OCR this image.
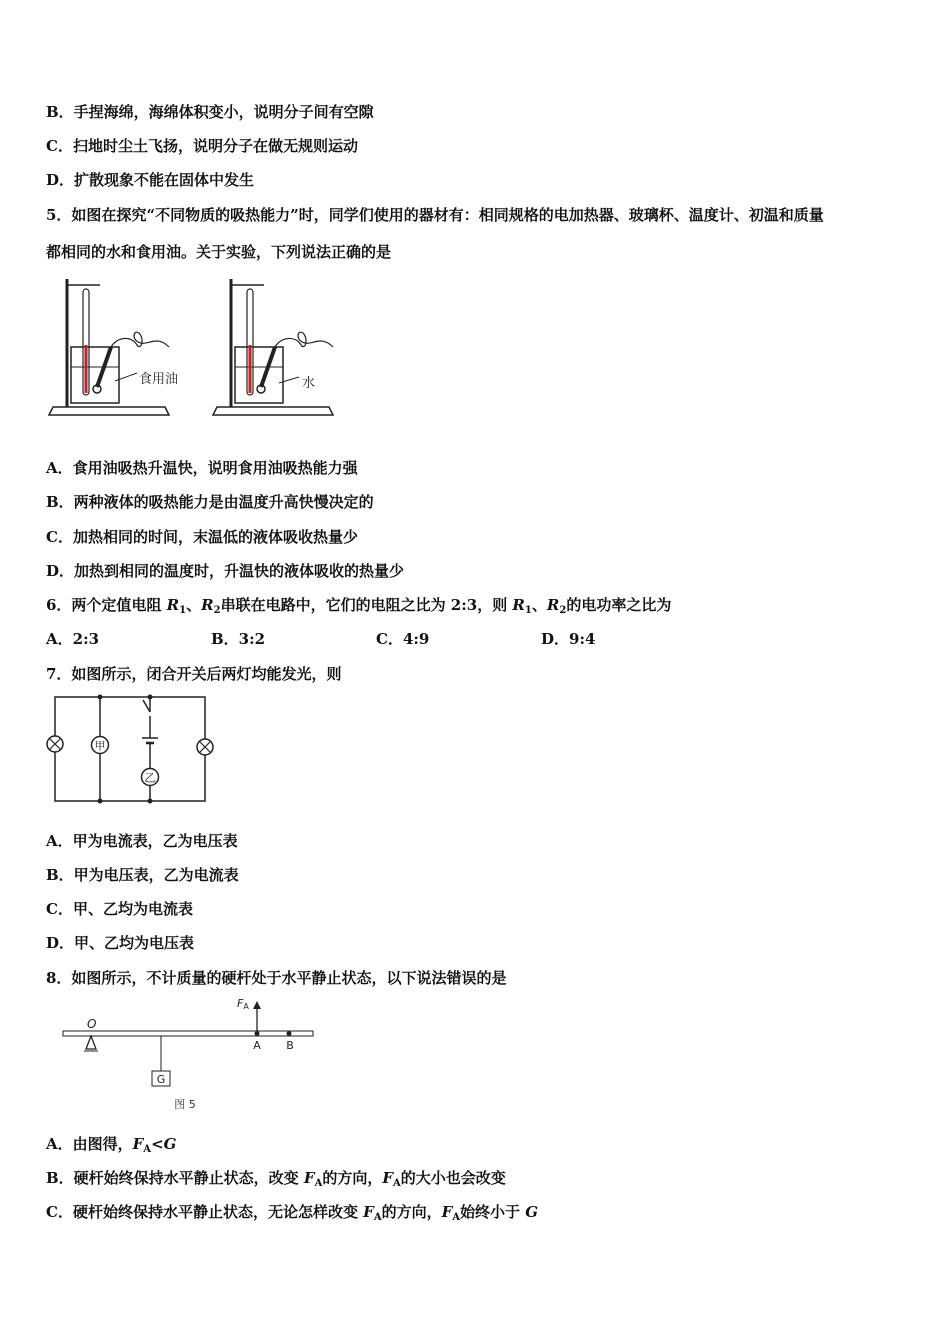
B．手捏海绵，海绵体积变小，说明分子间有空隙
C．扫地时尘土飞扬，说明分子在做无规则运动
D．扩散现象不能在固体中发生
5．如图在探究“不同物质的吸热能力”时，同学们使用的器材有：相同规格的电加热器、玻璃杯、温度计、初温和质量
都相同的水和食用油。关于实验，下列说法正确的是
食用油	水
A．食用油吸热升温快，说明食用油吸热能力强
B．两种液体的吸热能力是由温度升高快慢决定的
C．加热相同的时间，末温低的液体吸收热量少
D．加热到相同的温度时，升温快的液体吸收的热量少
6．两个定值电阻 $R_1$、$R_2$串联在电路中，它们的电阻之比为 2:3，则 $R_1$、$R_2$的电功率之比为
A．2:3	B．3:2	C．4:9	D．9:4
7．如图所示，闭合开关后两灯均能发光，则
甲
乙
A．甲为电流表，乙为电压表
B．甲为电压表，乙为电流表
C．甲、乙均为电流表
D．甲、乙均为电压表
8．如图所示，不计质量的硬杆处于水平静止状态，以下说法错误的是
O
G
FA
A B
图 5
A．由图得，$F_A<G$
B．硬杆始终保持水平静止状态，改变 $F_A$的方向，$F_A$的大小也会改变
C．硬杆始终保持水平静止状态，无论怎样改变 $F_A$的方向，$F_A$始终小于 G
